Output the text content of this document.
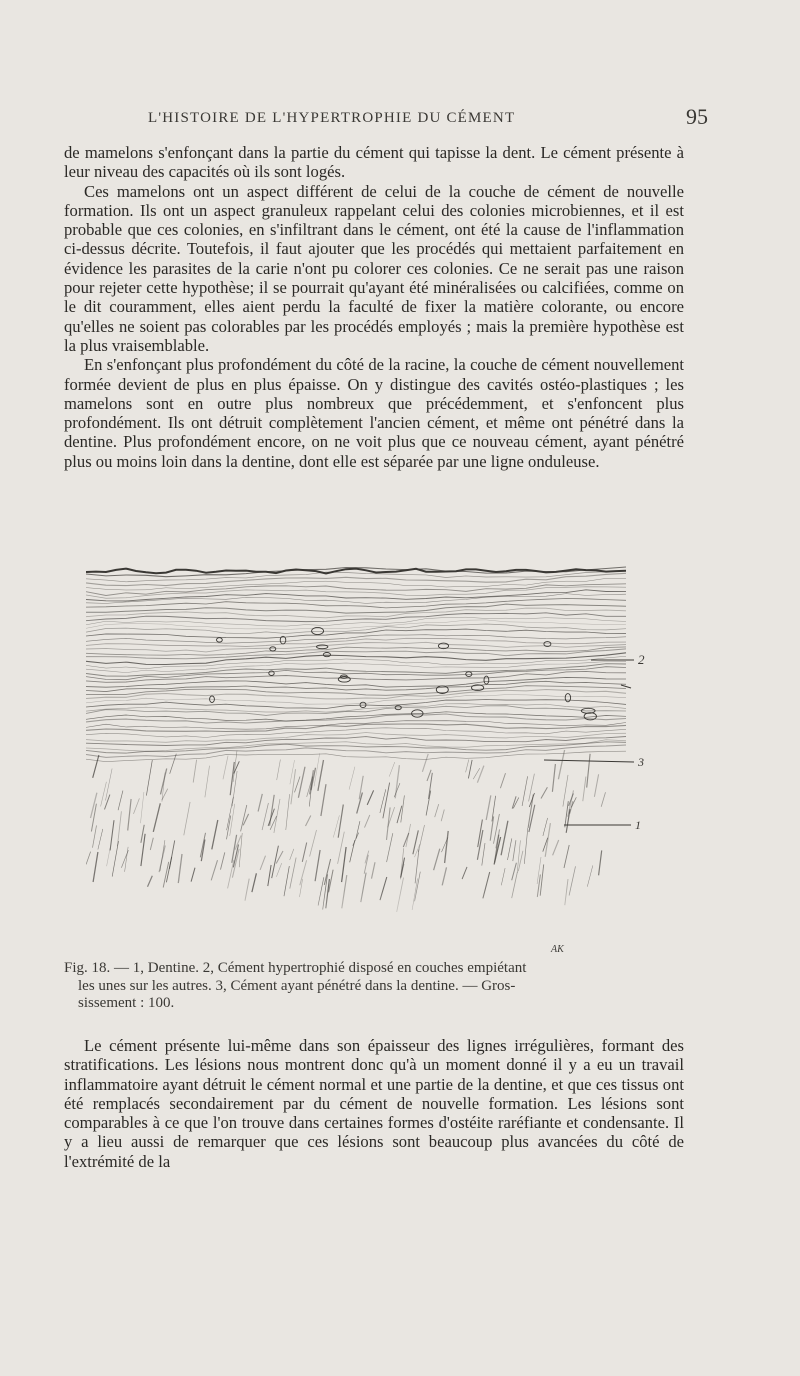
L'HISTOIRE DE L'HYPERTROPHIE DU CÉMENT	95

de mamelons s'enfonçant dans la partie du cément qui tapisse la dent. Le cément présente à leur niveau des capacités où ils sont logés.

Ces mamelons ont un aspect différent de celui de la couche de cément de nouvelle formation. Ils ont un aspect granuleux rappelant celui des colonies microbiennes, et il est probable que ces colonies, en s'infiltrant dans le cément, ont été la cause de l'inflammation ci-dessus décrite. Toutefois, il faut ajouter que les procédés qui mettaient parfaitement en évidence les parasites de la carie n'ont pu colorer ces colonies. Ce ne serait pas une raison pour rejeter cette hypothèse; il se pourrait qu'ayant été minéralisées ou calcifiées, comme on le dit couramment, elles aient perdu la faculté de fixer la matière colorante, ou encore qu'elles ne soient pas colorables par les procédés employés ; mais la première hypothèse est la plus vraisemblable.

En s'enfonçant plus profondément du côté de la racine, la couche de cément nouvellement formée devient de plus en plus épaisse. On y distingue des cavités ostéo-plastiques ; les mamelons sont en outre plus nombreux que précédemment, et s'enfoncent plus profondément. Ils ont détruit complètement l'ancien cément, et même ont pénétré dans la dentine. Plus profondément encore, on ne voit plus que ce nouveau cément, ayant pénétré plus ou moins loin dans la dentine, dont elle est séparée par une ligne onduleuse.

2
3
1
AK
Fig. 18. — 1, Dentine. 2, Cément hypertrophié disposé en couches empiétant
les unes sur les autres. 3, Cément ayant pénétré dans la dentine. — Gros-
sissement : 100.

Le cément présente lui-même dans son épaisseur des lignes irrégulières, formant des stratifications. Les lésions nous montrent donc qu'à un moment donné il y a eu un travail inflammatoire ayant détruit le cément normal et une partie de la dentine, et que ces tissus ont été remplacés secondairement par du cément de nouvelle formation. Les lésions sont comparables à ce que l'on trouve dans certaines formes d'ostéite raréfiante et condensante. Il y a lieu aussi de remarquer que ces lésions sont beaucoup plus avancées du côté de l'extrémité de la
